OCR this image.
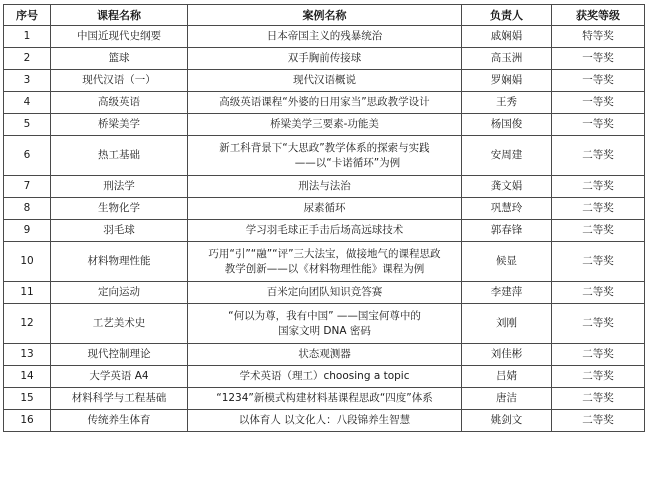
序号	课程名称	案例名称	负责人	获奖等级
1	中国近现代史纲要	日本帝国主义的残暴统治	戚娴娟	特等奖
2	篮球	双手胸前传接球	高玉洲	一等奖
3	现代汉语（一）	现代汉语概说	罗娴娟	一等奖
4	高级英语	高级英语课程“外婆的日用家当”思政教学设计	王秀	一等奖
5	桥梁美学	桥梁美学三要素-功能美	杨国俊	一等奖
6	热工基础	新工科背景下“大思政”教学体系的探索与实践
——以“卡诺循环”为例	安周建	二等奖
7	刑法学	刑法与法治	龚文娟	二等奖
8	生物化学	尿素循环	巩慧玲	二等奖
9	羽毛球	学习羽毛球正手击后场高远球技术	郭春锋	二等奖
10	材料物理性能	巧用“引”“融”“评”三大法宝，做接地气的课程思政
教学创新——以《材料物理性能》课程为例	候显	二等奖
11	定向运动	百米定向团队知识竞答赛	李建萍	二等奖
12	工艺美术史	“何以为尊，我有中国” ——国宝何尊中的
国家文明 DNA 密码	刘刚	二等奖
13	现代控制理论	状态观测器	刘佳彬	二等奖
14	大学英语 A4	学术英语（理工）choosing a topic	吕婧	二等奖
15	材料科学与工程基础	“1234”新模式构建材料基课程思政“四度”体系	唐洁	二等奖
16	传统养生体育	以体育人 以文化人：八段锦养生智慧	姚剑文	二等奖
